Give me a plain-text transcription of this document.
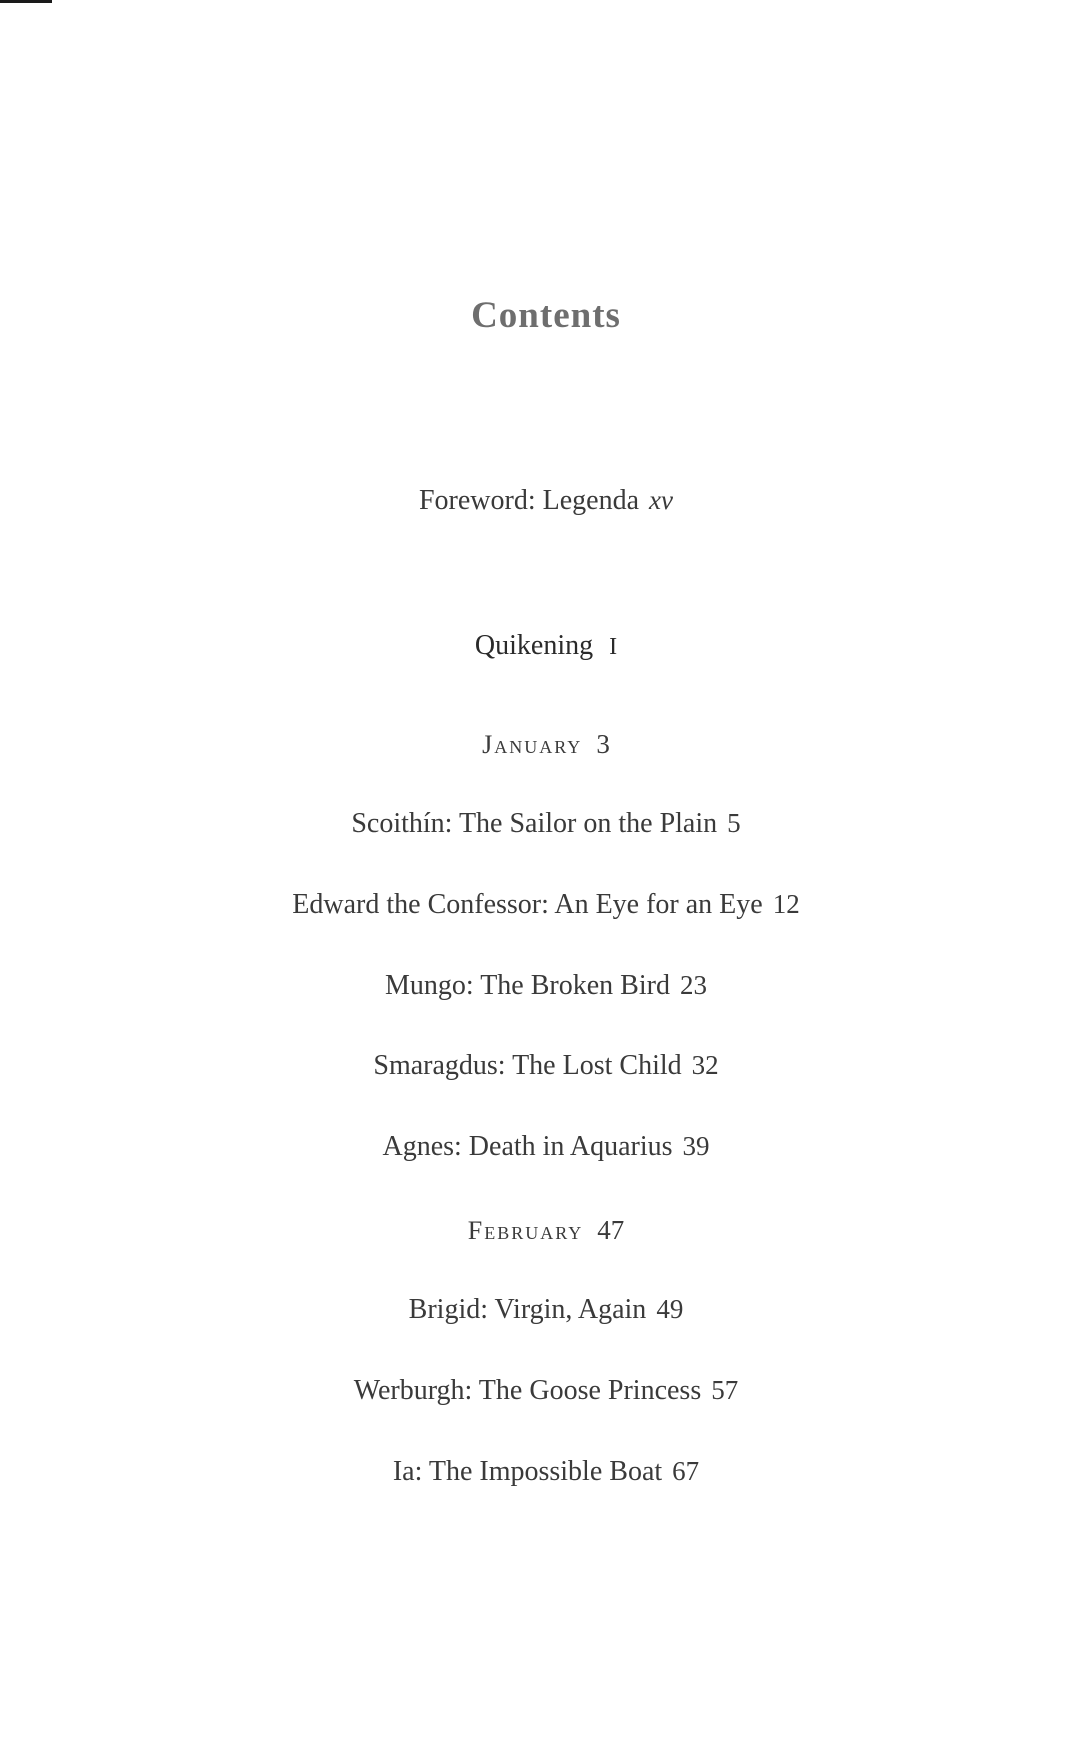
Contents
Foreword: Legenda xv
Quikening I
January 3
Scoithín: The Sailor on the Plain 5
Edward the Confessor: An Eye for an Eye 12
Mungo: The Broken Bird 23
Smaragdus: The Lost Child 32
Agnes: Death in Aquarius 39
February 47
Brigid: Virgin, Again 49
Werburgh: The Goose Princess 57
Ia: The Impossible Boat 67
